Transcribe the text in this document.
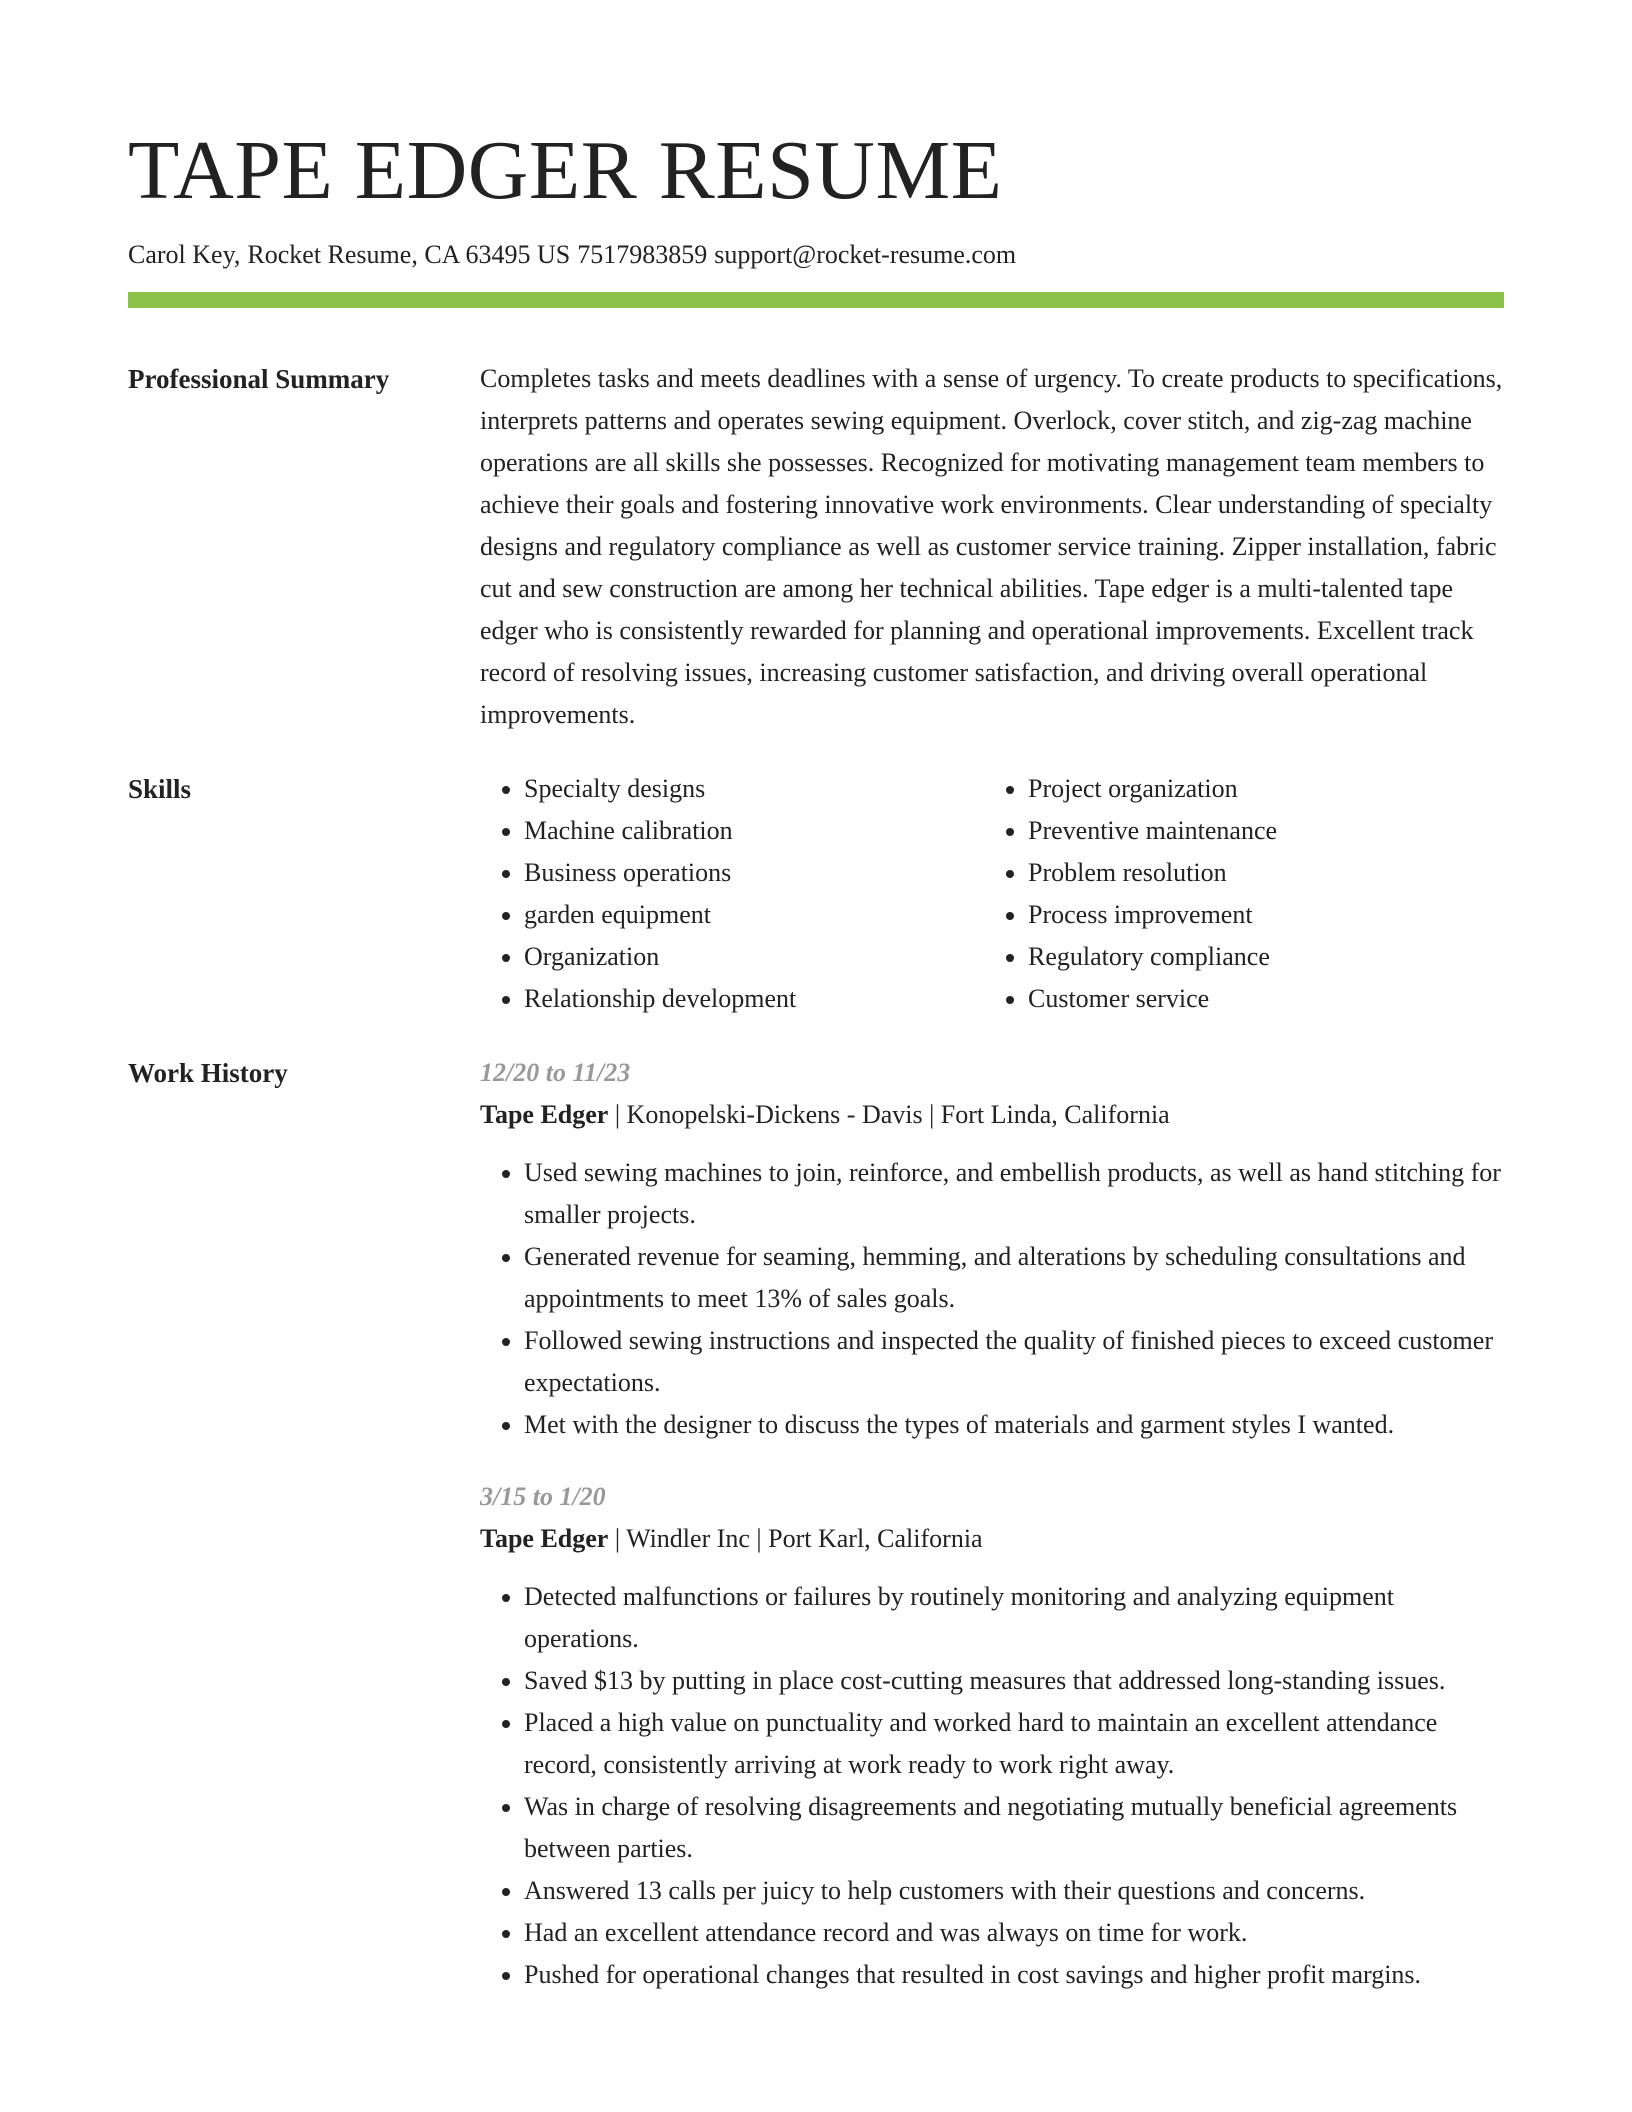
TAPE EDGER RESUME
Carol Key, Rocket Resume, CA 63495 US 7517983859 support@rocket-resume.com
Professional Summary	Completes tasks and meets deadlines with a sense of urgency. To create products to specifications, interprets patterns and operates sewing equipment. Overlock, cover stitch, and zig-zag machine operations are all skills she possesses. Recognized for motivating management team members to achieve their goals and fostering innovative work environments. Clear understanding of specialty designs and regulatory compliance as well as customer service training. Zipper installation, fabric cut and sew construction are among her technical abilities. Tape edger is a multi-talented tape edger who is consistently rewarded for planning and operational improvements. Excellent track record of resolving issues, increasing customer satisfaction, and driving overall operational improvements.

Skills
•	Specialty designs
• Machine calibration
• Business operations
• garden equipment
• Organization
• Relationship development
• Project organization
• Preventive maintenance
• Problem resolution
• Process improvement
• Regulatory compliance
• Customer service
Work History	12/20 to 11/23
Tape Edger | Konopelski-Dickens - Davis | Fort Linda, California
• Used sewing machines to join, reinforce, and embellish products, as well as hand stitching for smaller projects.
• Generated revenue for seaming, hemming, and alterations by scheduling consultations and appointments to meet 13% of sales goals.
• Followed sewing instructions and inspected the quality of finished pieces to exceed customer expectations.
• Met with the designer to discuss the types of materials and garment styles I wanted.
3/15 to 1/20
Tape Edger | Windler Inc | Port Karl, California
• Detected malfunctions or failures by routinely monitoring and analyzing equipment operations.
• Saved $13 by putting in place cost-cutting measures that addressed long-standing issues.
• Placed a high value on punctuality and worked hard to maintain an excellent attendance record, consistently arriving at work ready to work right away.
• Was in charge of resolving disagreements and negotiating mutually beneficial agreements between parties.
• Answered 13 calls per juicy to help customers with their questions and concerns.
• Had an excellent attendance record and was always on time for work.
• Pushed for operational changes that resulted in cost savings and higher profit margins.
